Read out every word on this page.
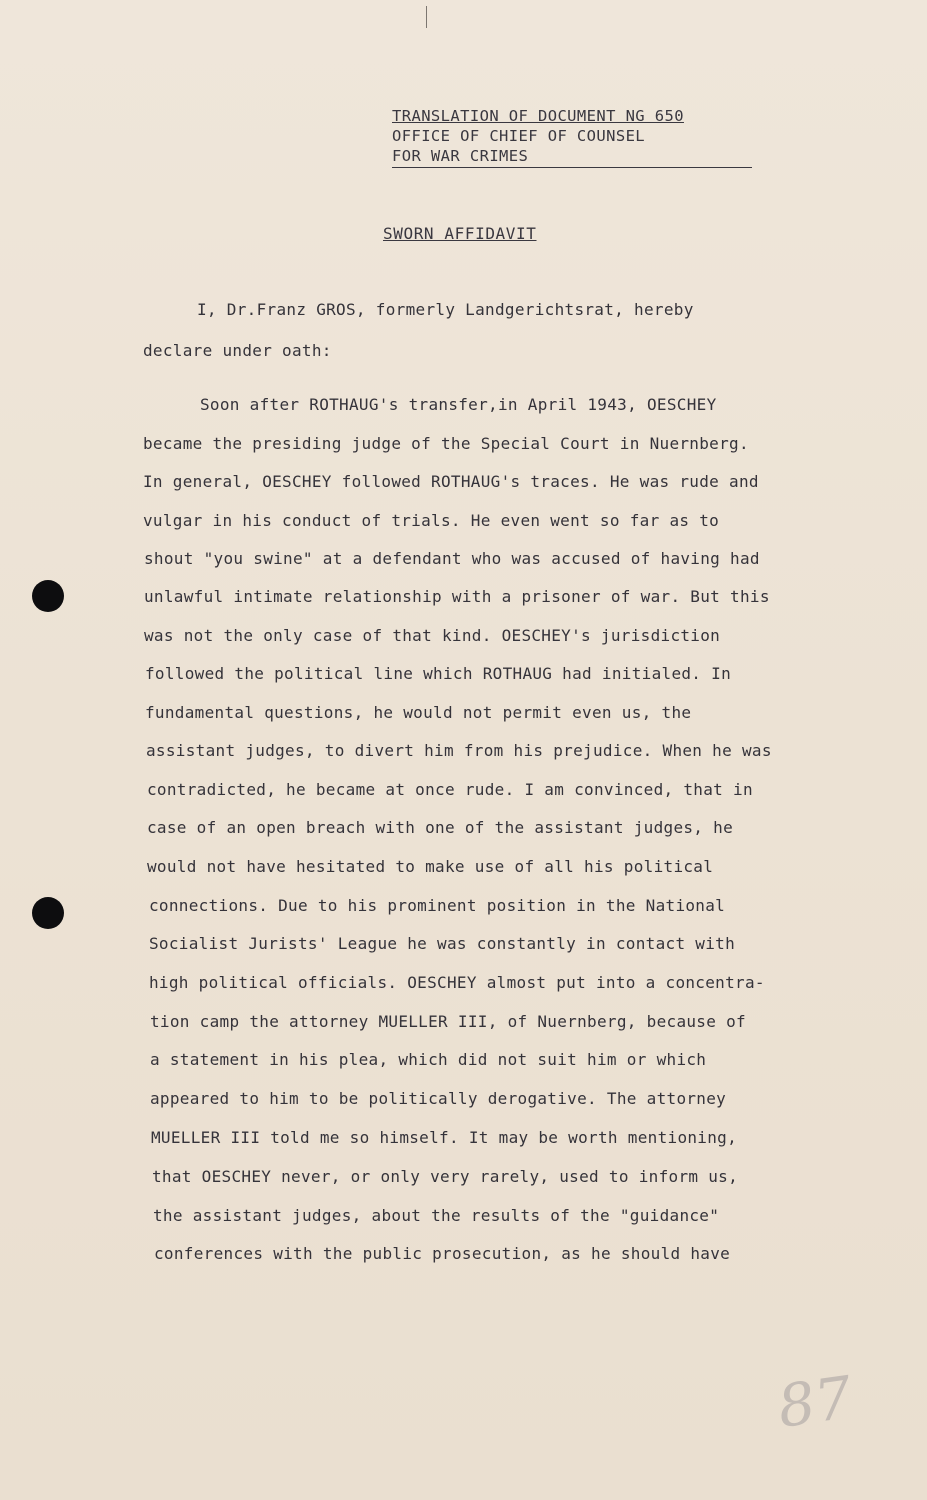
TRANSLATION OF DOCUMENT NG 650
OFFICE OF CHIEF OF COUNSEL
FOR WAR CRIMES
SWORN AFFIDAVIT
I, Dr.Franz GROS, formerly Landgerichtsrat, hereby
declare under oath:
Soon after ROTHAUG's transfer,in April 1943, OESCHEY
became the presiding judge of the Special Court in Nuernberg.
In general, OESCHEY followed ROTHAUG's traces. He was rude and
vulgar in his conduct of trials. He even went so far as to
shout "you swine" at a defendant who was accused of having had
unlawful intimate relationship with a prisoner of war. But this
was not the only case of that kind. OESCHEY's jurisdiction
followed the political line which ROTHAUG had initialed. In
fundamental questions, he would not permit even us, the
assistant judges, to divert him from his prejudice. When he was
contradicted, he became at once rude. I am convinced, that in
case of an open breach with one of the assistant judges, he
would not have hesitated to make use of all his political
connections. Due to his prominent position in the National
Socialist Jurists' League he was constantly in contact with
high political officials. OESCHEY almost put into a concentra-
tion camp the attorney MUELLER III, of Nuernberg, because of
a statement in his plea, which did not suit him or which
appeared to him to be politically derogative. The attorney
MUELLER III told me so himself. It may be worth mentioning,
that OESCHEY never, or only very rarely, used to inform us,
the assistant judges, about the results of the "guidance"
conferences with the public prosecution, as he should have
87
